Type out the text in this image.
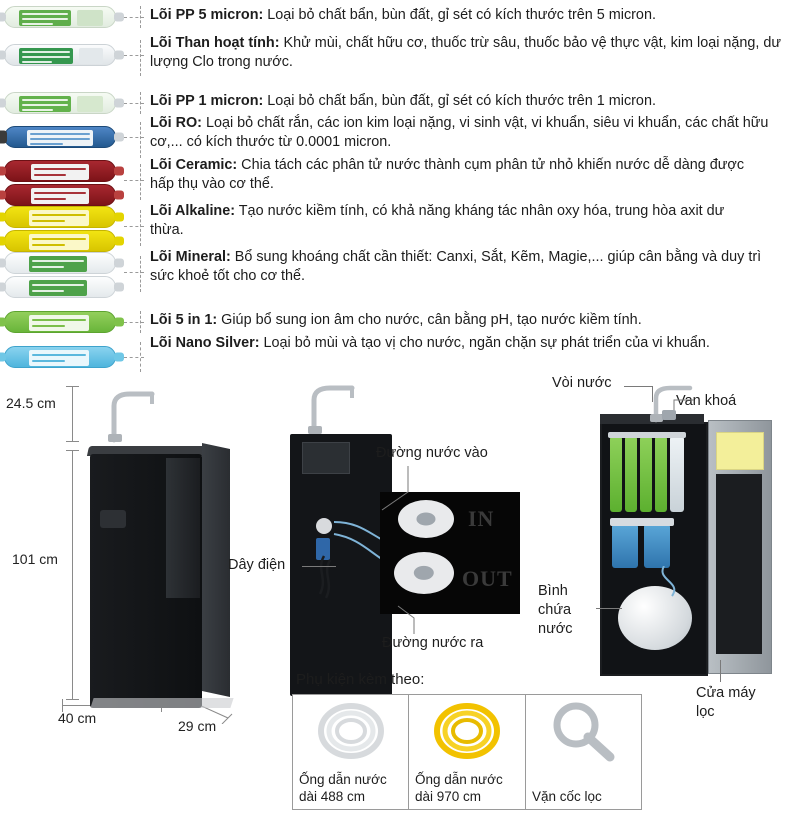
Lõi PP 5 micron: Loại bỏ chất bẩn, bùn đất, gỉ sét có kích thước trên 5 micron.
Lõi Than hoạt tính: Khử mùi, chất hữu cơ, thuốc trừ sâu, thuốc bảo vệ thực vật, kim loại nặng, dư lượng Clo trong nước.
Lõi PP 1 micron: Loại bỏ chất bẩn, bùn đất, gỉ sét có kích thước trên 1 micron.
Lõi RO: Loại bỏ chất rắn, các ion kim loại nặng, vi sinh vật, vi khuẩn, siêu vi khuẩn, các chất hữu cơ,... có kích thước từ 0.0001 micron.
Lõi Ceramic: Chia tách các phân tử nước thành cụm phân tử nhỏ khiến nước dễ dàng được hấp thụ vào cơ thể.
Lõi Alkaline: Tạo nước kiềm tính, có khả năng kháng tác nhân oxy hóa, trung hòa axit dư thừa.
Lõi Mineral: Bổ sung khoáng chất cần thiết: Canxi, Sắt, Kẽm, Magie,... giúp cân bằng và duy trì sức khoẻ tốt cho cơ thể.
Lõi 5 in 1: Giúp bổ sung ion âm cho nước, cân bằng pH, tạo nước kiềm tính.
Lõi Nano Silver: Loại bỏ mùi và tạo vị cho nước, ngăn chặn sự phát triển của vi khuẩn.
24.5 cm
101 cm
40 cm	29 cm
IN
OUT
Đường nước vào
Đường nước ra
Dây điện
Vòi nước
Van khoá
Bình chứa nước
Cửa máy lọc
Phụ kiện kèm theo:
Ống dẫn nước dài 488 cm
Ống dẫn nước dài 970 cm	Vặn cốc lọc
